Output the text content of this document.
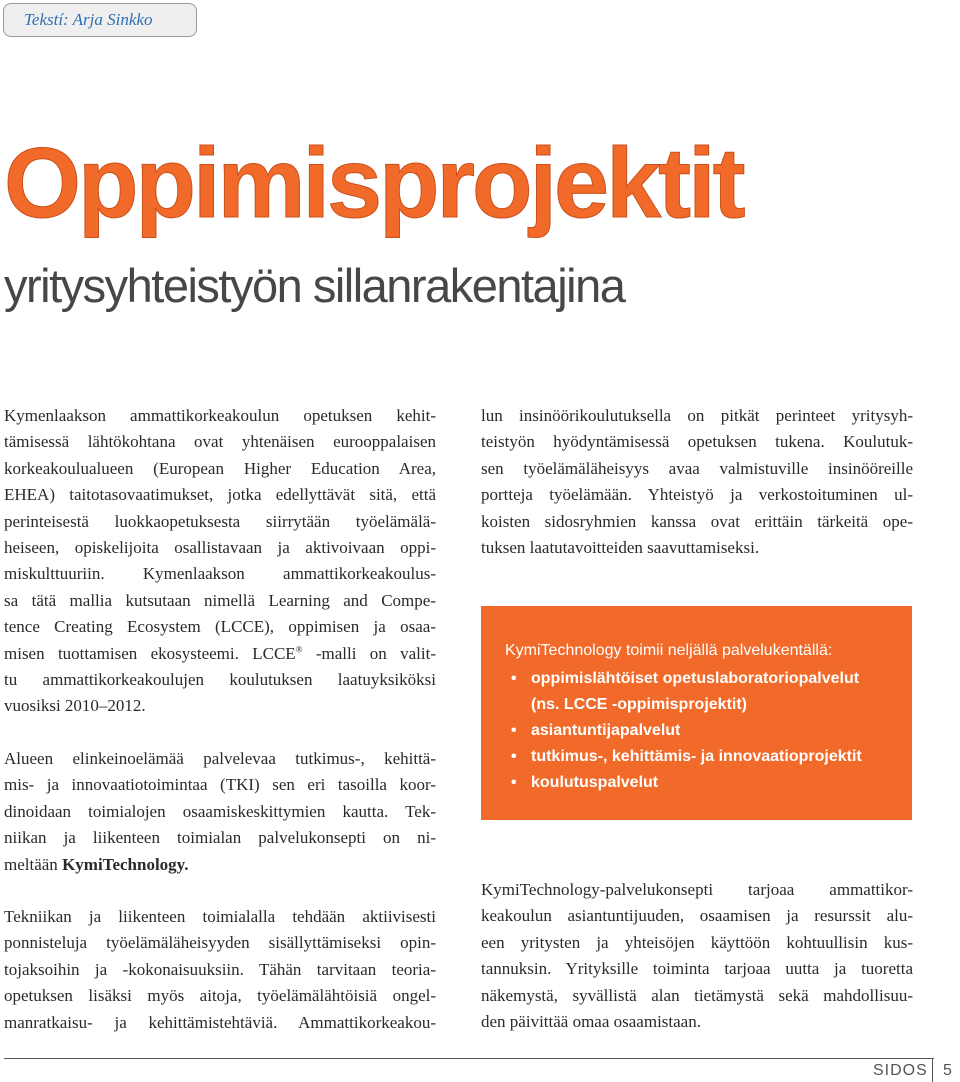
Tekstí: Arja Sinkko
Oppimisprojektit
yritysyhteistyön sillanrakentajina

Kymenlaakson ammattikorkeakoulun opetuksen kehit-
tämisessä lähtökohtana ovat yhtenäisen eurooppalaisen
korkeakoulualueen (European Higher Education Area,
EHEA) taitotasovaatimukset, jotka edellyttävät sitä, että
perinteisestä luokkaopetuksesta siirrytään työelämälä-
heiseen, opiskelijoita osallistavaan ja aktivoivaan oppi-
miskulttuuriin. Kymenlaakson ammattikorkeakoulus-
sa tätä mallia kutsutaan nimellä Learning and Compe-
tence Creating Ecosystem (LCCE), oppimisen ja osaa-
misen tuottamisen ekosysteemi. LCCE® -malli on valit-
tu ammattikorkeakoulujen koulutuksen laatuyksiköksi
vuosiksi 2010–2012.

Alueen elinkeinoelämää palvelevaa tutkimus-, kehittä-
mis- ja innovaatiotoimintaa (TKI) sen eri tasoilla koor-
dinoidaan toimialojen osaamiskeskittymien kautta. Tek-
niikan ja liikenteen toimialan palvelukonsepti on ni-
meltään KymiTechnology.

Tekniikan ja liikenteen toimialalla tehdään aktiivisesti
ponnisteluja työelämäläheisyyden sisällyttämiseksi opin-
tojaksoihin ja -kokonaisuuksiin. Tähän tarvitaan teoria-
opetuksen lisäksi myös aitoja, työelämälähtöisiä ongel-
manratkaisu- ja kehittämistehtäviä. Ammattikorkeakou-

lun insinöörikoulutuksella on pitkät perinteet yritysyh-
teistyön hyödyntämisessä opetuksen tukena. Koulutuk-
sen työelämäläheisyys avaa valmistuville insinööreille
portteja työelämään. Yhteistyö ja verkostoituminen ul-
koisten sidosryhmien kanssa ovat erittäin tärkeitä ope-
tuksen laatutavoitteiden saavuttamiseksi.

KymiTechnology toimii neljällä palvelukentällä:
• oppimislähtöiset opetuslaboratoriopalvelut
(ns. LCCE -oppimisprojektit)
• asiantuntijapalvelut
• tutkimus-, kehittämis- ja innovaatioprojektit
• koulutuspalvelut

KymiTechnology-palvelukonsepti tarjoaa ammattikor-
keakoulun asiantuntijuuden, osaamisen ja resurssit alu-
een yritysten ja yhteisöjen käyttöön kohtuullisin kus-
tannuksin. Yrityksille toiminta tarjoaa uutta ja tuoretta
näkemystä, syvällistä alan tietämystä sekä mahdollisuu-
den päivittää omaa osaamistaan.

SIDOS 5
